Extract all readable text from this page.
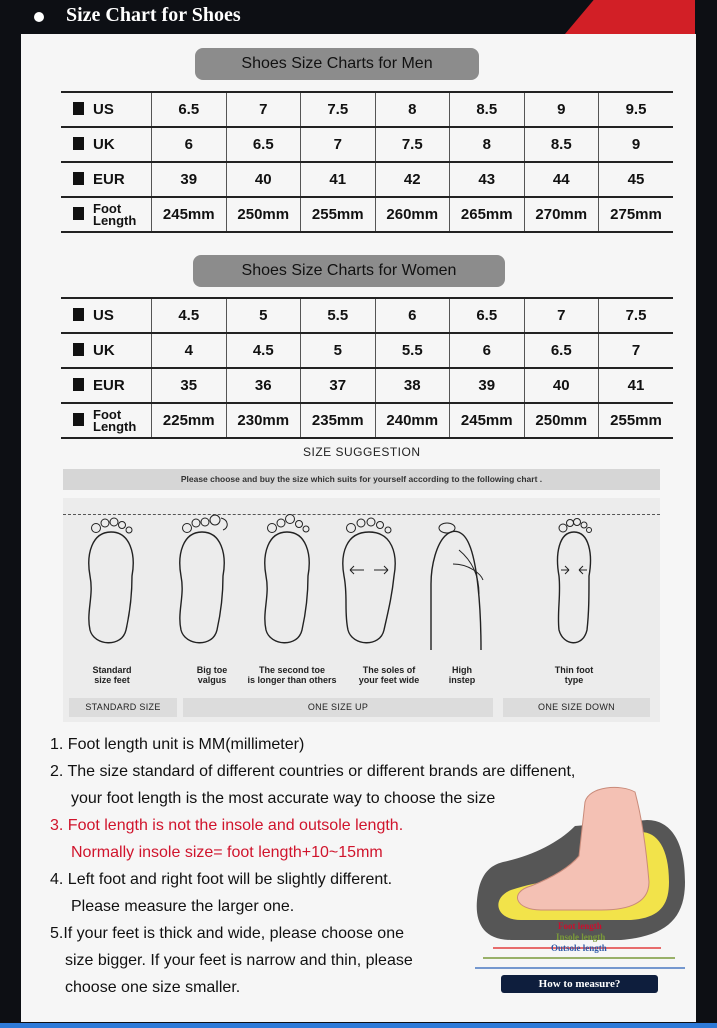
Size Chart for Shoes
Shoes Size Charts for Men
US	6.5	7	7.5	8	8.5	9	9.5
UK	6	6.5	7	7.5	8	8.5	9
EUR	39	40	41	42	43	44	45
Foot
Length	245mm	250mm	255mm	260mm	265mm	270mm	275mm
Shoes Size Charts for Women
US	4.5	5	5.5	6	6.5	7	7.5
UK	4	4.5	5	5.5	6	6.5	7
EUR	35	36	37	38	39	40	41
Foot
Length	225mm	230mm	235mm	240mm	245mm	250mm	255mm
SIZE SUGGESTION
Please choose and buy the size which suits for yourself according to the following chart .
Standard
size feet
Big toe
valgus
The second toe
is longer than others
The soles of
your feet wide
High
instep
Thin foot
type
STANDARD SIZE	ONE SIZE UP	ONE SIZE DOWN
1. Foot length unit is MM(millimeter)
2. The size standard of different countries or different brands are diffenent,
your foot length is the most accurate way to choose the size
3. Foot length is not the insole and outsole length.
Normally insole size= foot length+10~15mm
4. Left foot and right foot will be slightly different.
Please measure the larger one.
5.If your feet is thick and wide, please choose one
size bigger. If your feet is narrow and thin, please
choose one size smaller.
Foot length
Insole length
Outsole length
How to measure?
